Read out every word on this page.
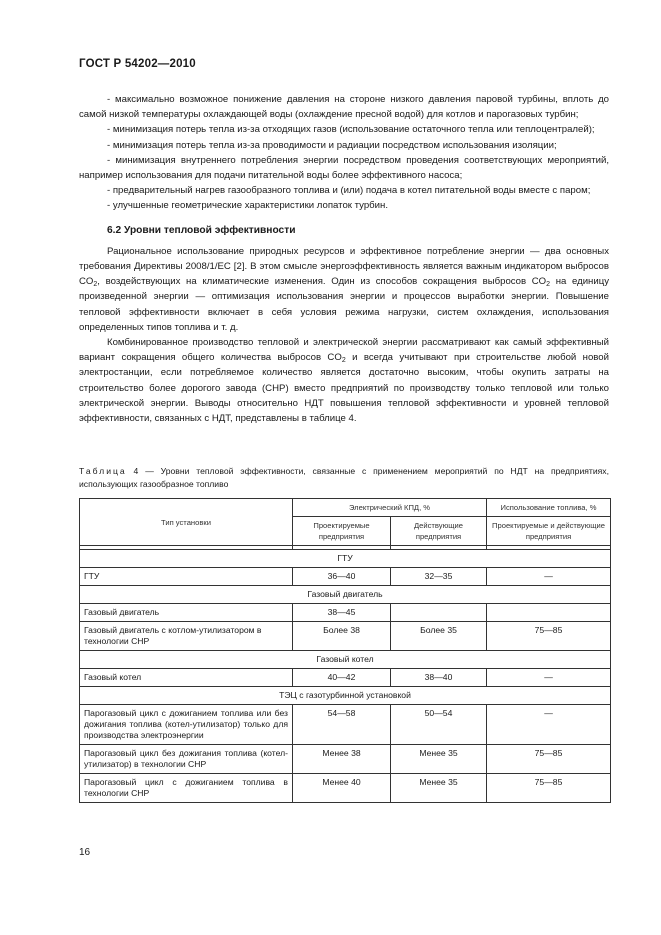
ГОСТ Р 54202—2010

- максимально возможное понижение давления на стороне низкого давления паровой турбины, вплоть до самой низкой температуры охлаждающей воды (охлаждение пресной водой) для котлов и парогазовых турбин;

- минимизация потерь тепла из-за отходящих газов (использование остаточного тепла или теплоцентралей);

- минимизация потерь тепла из-за проводимости и радиации посредством использования изоляции;

- минимизация внутреннего потребления энергии посредством проведения соответствующих мероприятий, например использования для подачи питательной воды более эффективного насоса;

- предварительный нагрев газообразного топлива и (или) подача в котел питательной воды вместе с паром;

- улучшенные геометрические характеристики лопаток турбин.

6.2 Уровни тепловой эффективности

Рациональное использование природных ресурсов и эффективное потребление энергии — два основных требования Директивы 2008/1/ЕС [2]. В этом смысле энергоэффективность является важным индикатором выбросов $CO_2$, воздействующих на климатические изменения. Один из способов сокращения выбросов $CO_2$ на единицу произведенной энергии — оптимизация использования энергии и процессов выработки энергии. Повышение тепловой эффективности включает в себя условия режима нагрузки, систем охлаждения, использования определенных типов топлива и т. д.

Комбинированное производство тепловой и электрической энергии рассматривают как самый эффективный вариант сокращения общего количества выбросов $CO_2$ и всегда учитывают при строительстве любой новой электростанции, если потребляемое количество является достаточно высоким, чтобы окупить затраты на строительство более дорогого завода (CHP) вместо предприятий по производству только тепловой или только электрической энергии. Выводы относительно НДТ повышения тепловой эффективности и уровней тепловой эффективности, связанных с НДТ, представлены в таблице 4.

Таблица 4 — Уровни тепловой эффективности, связанные с применением мероприятий по НДТ на предприятиях, использующих газообразное топливо
Тип установки	Электрический КПД, %		Использование топлива, %
	Проектируемые предприятия	Действующие предприятия	Проектируемые и действующие предприятия

ГТУ			
ГТУ	36—40	32—35	—
Газовый двигатель			
Газовый двигатель	38—45		
Газовый двигатель с котлом-утилизатором в технологии CHP	Более 38	Более 35	75—85
Газовый котел			
Газовый котел	40—42	38—40	—
ТЭЦ с газотурбинной установкой			
Парогазовый цикл с дожиганием топлива или без дожигания топлива (котел-утилизатор) только для производства электроэнергии	54—58	50—54	—
Парогазовый цикл без дожигания топлива (котел-утилизатор) в технологии CHP	Менее 38	Менее 35	75—85
Парогазовый цикл с дожиганием топлива в технологии CHP	Менее 40	Менее 35	75—85
16
